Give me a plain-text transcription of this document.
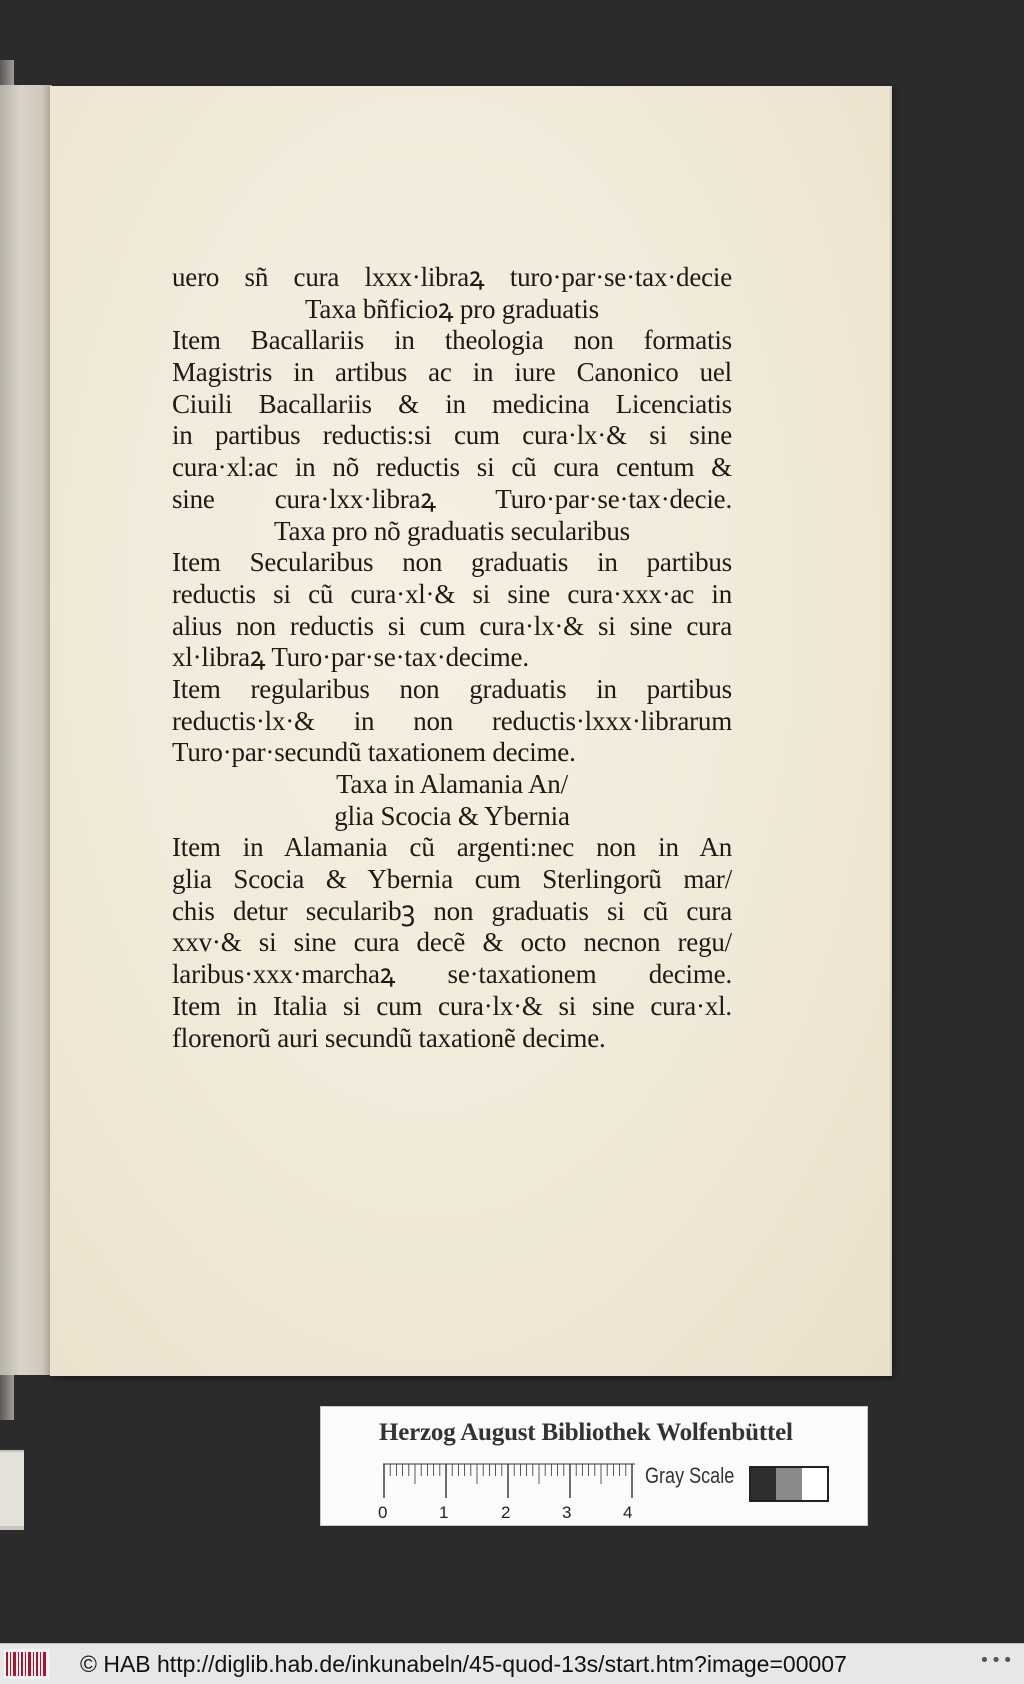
uero sñ cura lxxx·libraꝝ turo·par·se·tax·decie
Taxa bñficioꝝ pro graduatis
Item Bacallariis in theologia non formatis
Magistris in artibus ac in iure Canonico uel
Ciuili Bacallariis & in medicina Licenciatis
in partibus reductis:si cum cura·lx·& si sine
cura·xl:ac in nõ reductis si cũ cura centum &
sine cura·lxx·libraꝝ Turo·par·se·tax·decie.
Taxa pro nõ graduatis secularibus
Item Secularibus non graduatis in partibus
reductis si cũ cura·xl·& si sine cura·xxx·ac in
alius non reductis si cum cura·lx·& si sine cura
xl·libraꝝ Turo·par·se·tax·decime.
Item regularibus non graduatis in partibus
reductis·lx·& in non reductis·lxxx·librarum
Turo·par·secundũ taxationem decime.
Taxa in Alamania An/
glia Scocia & Ybernia
Item in Alamania cũ argenti:nec non in An
glia Scocia & Ybernia cum Sterlingorũ mar/
chis detur secularibꝫ non graduatis si cũ cura
xxv·& si sine cura decẽ & octo necnon regu/
laribus·xxx·marchaꝝ se·taxationem decime.
Item in Italia si cum cura·lx·& si sine cura·xl.
florenorũ auri secundũ taxationẽ decime.
Herzog August Bibliothek Wolfenbüttel
0	1	2	3	4
Gray Scale
© HAB http://diglib.hab.de/inkunabeln/45-quod-13s/start.htm?image=00007	•••
